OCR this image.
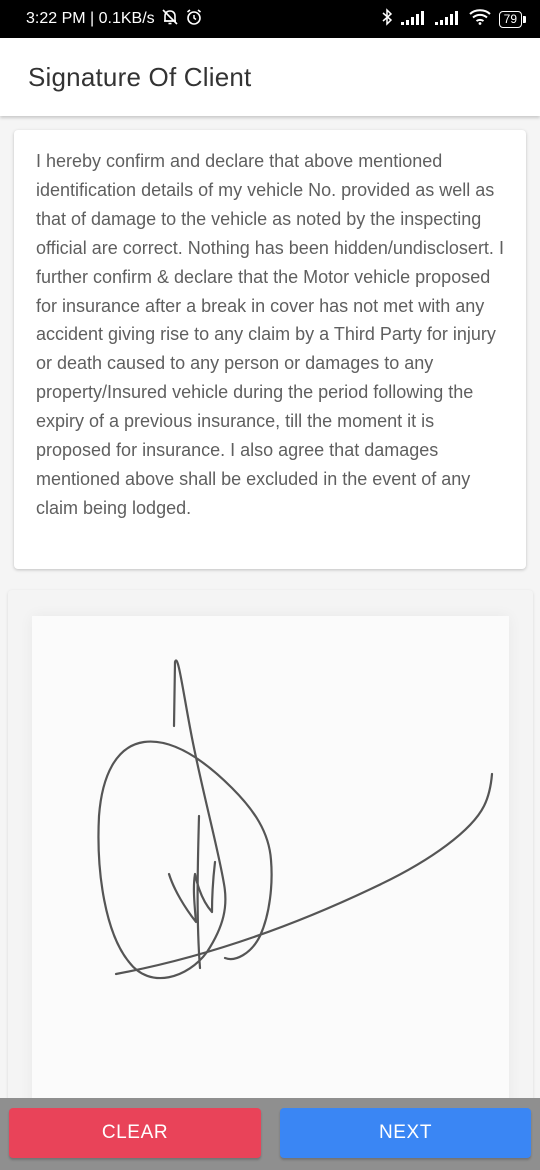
3:22 PM | 0.1KB/s	79
Signature Of Client

I hereby confirm and declare that above mentioned identification details of my vehicle No. provided as well as that of damage to the vehicle as noted by the inspecting official are correct. Nothing has been hidden/undisclosert. I further confirm & declare that the Motor vehicle proposed for insurance after a break in cover has not met with any accident giving rise to any claim by a Third Party for injury or death caused to any person or damages to any property/Insured vehicle during the period following the expiry of a previous insurance, till the moment it is proposed for insurance. I also agree that damages mentioned above shall be excluded in the event of any claim being lodged.

CLEAR	NEXT
